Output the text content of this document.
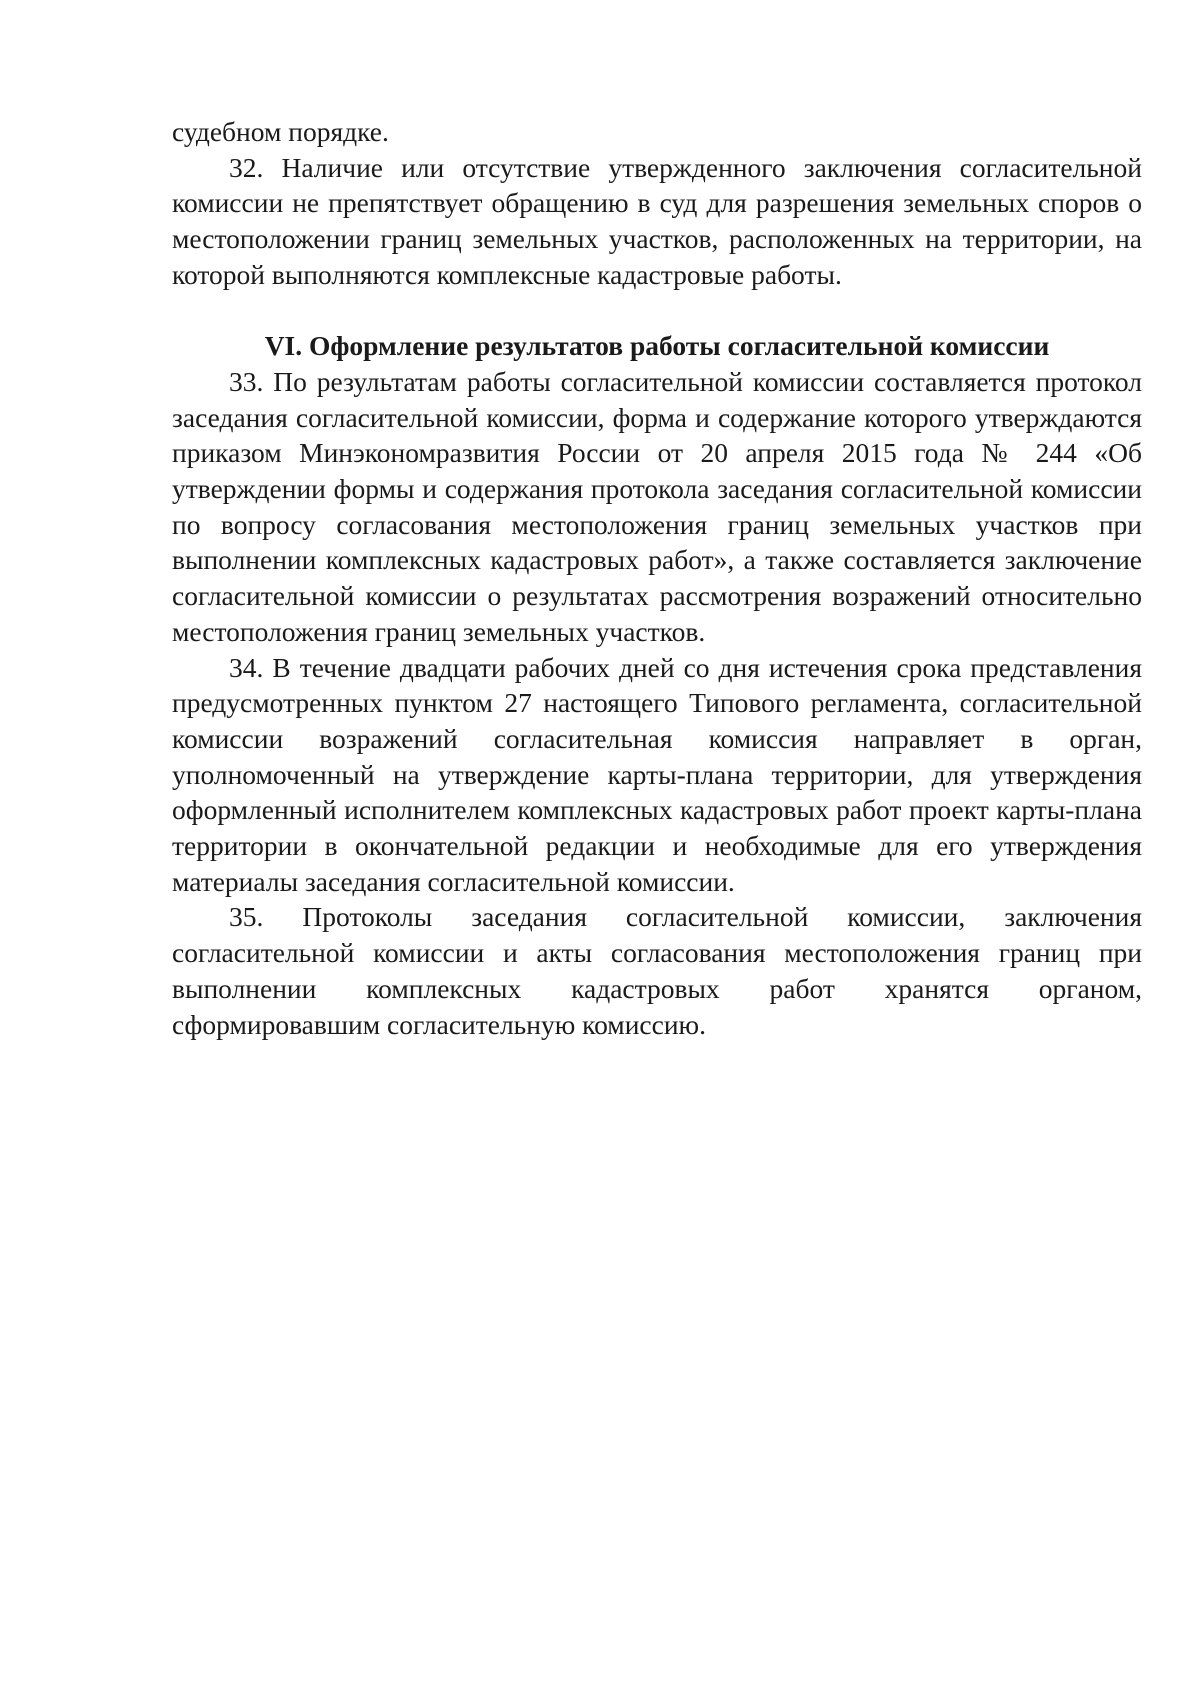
судебном порядке.

32. Наличие или отсутствие утвержденного заключения согласительной комиссии не препятствует обращению в суд для разрешения земельных споров о местоположении границ земельных участков, расположенных на территории, на которой выполняются комплексные кадастровые работы.

VI. Оформление результатов работы согласительной комиссии

33. По результатам работы согласительной комиссии составляется протокол заседания согласительной комиссии, форма и содержание которого утверждаются приказом Минэкономразвития России от 20 апреля 2015 года № 244 «Об утверждении формы и содержания протокола заседания согласительной комиссии по вопросу согласования местоположения границ земельных участков при выполнении комплексных кадастровых работ», а также составляется заключение согласительной комиссии о результатах рассмотрения возражений относительно местоположения границ земельных участков.

34. В течение двадцати рабочих дней со дня истечения срока представления предусмотренных пунктом 27 настоящего Типового регламента, согласительной комиссии возражений согласительная комиссия направляет в орган, уполномоченный на утверждение карты-плана территории, для утверждения оформленный исполнителем комплексных кадастровых работ проект карты-плана территории в окончательной редакции и необходимые для его утверждения материалы заседания согласительной комиссии.

35. Протоколы заседания согласительной комиссии, заключения согласительной комиссии и акты согласования местоположения границ при выполнении комплексных кадастровых работ хранятся органом, сформировавшим согласительную комиссию.
